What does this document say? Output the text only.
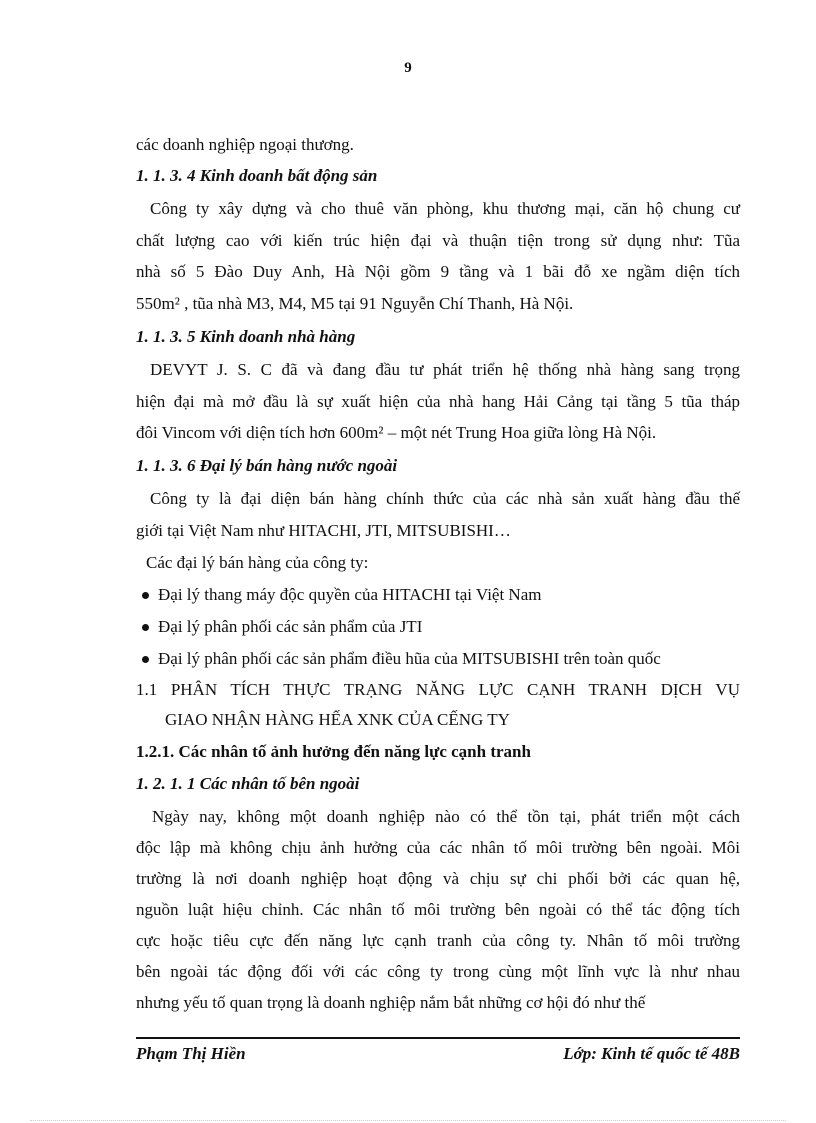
9
các doanh nghiệp ngoại thương.
1. 1. 3. 4 Kinh doanh bất động sản
Công ty xây dựng và cho thuê văn phòng, khu thương mại, căn hộ chung cư
chất lượng cao với kiến trúc hiện đại và thuận tiện trong sử dụng như: Tũa
nhà số 5 Đào Duy Anh, Hà Nội gồm 9 tầng và 1 bãi đỗ xe ngầm diện tích
550m² , tũa nhà M3, M4, M5 tại 91 Nguyễn Chí Thanh, Hà Nội.
1. 1. 3. 5 Kinh doanh nhà hàng
DEVYT J. S. C đã và đang đầu tư phát triển hệ thống nhà hàng sang trọng
hiện đại mà mở đầu là sự xuất hiện của nhà hang Hải Cảng tại tầng 5 tũa tháp
đôi Vincom với diện tích hơn 600m² – một nét Trung Hoa giữa lòng Hà Nội.
1. 1. 3. 6 Đại lý bán hàng nước ngoài
Công ty là đại diện bán hàng chính thức của các nhà sản xuất hàng đầu thế
giới tại Việt Nam như HITACHI, JTI, MITSUBISHI…
Các đại lý bán hàng của công ty:
Đại lý thang máy độc quyền của HITACHI tại Việt Nam
Đại lý phân phối các sản phẩm của JTI
Đại lý phân phối các sản phẩm điều hũa của MITSUBISHI trên toàn quốc
1.1 PHÂN TÍCH THỰC TRẠNG NĂNG LỰC CẠNH TRANH DỊCH VỤ
GIAO NHẬN HÀNG HẾA XNK CỦA CẾNG TY
1.2.1. Các nhân tố ảnh hưởng đến năng lực cạnh tranh
1. 2. 1. 1 Các nhân tố bên ngoài
Ngày nay, không một doanh nghiệp nào có thể tồn tại, phát triển một cách
độc lập mà không chịu ảnh hưởng của các nhân tố môi trường bên ngoài. Môi
trường là nơi doanh nghiệp hoạt động và chịu sự chi phối bởi các quan hệ,
nguồn luật hiệu chỉnh. Các nhân tố môi trường bên ngoài có thể tác động tích
cực hoặc tiêu cực đến năng lực cạnh tranh của công ty. Nhân tố môi trường
bên ngoài tác động đối với các công ty trong cùng một lĩnh vực là như nhau
nhưng yếu tố quan trọng là doanh nghiệp nắm bắt những cơ hội đó như thế
Phạm Thị Hiền	Lớp: Kinh tế quốc tế 48B
